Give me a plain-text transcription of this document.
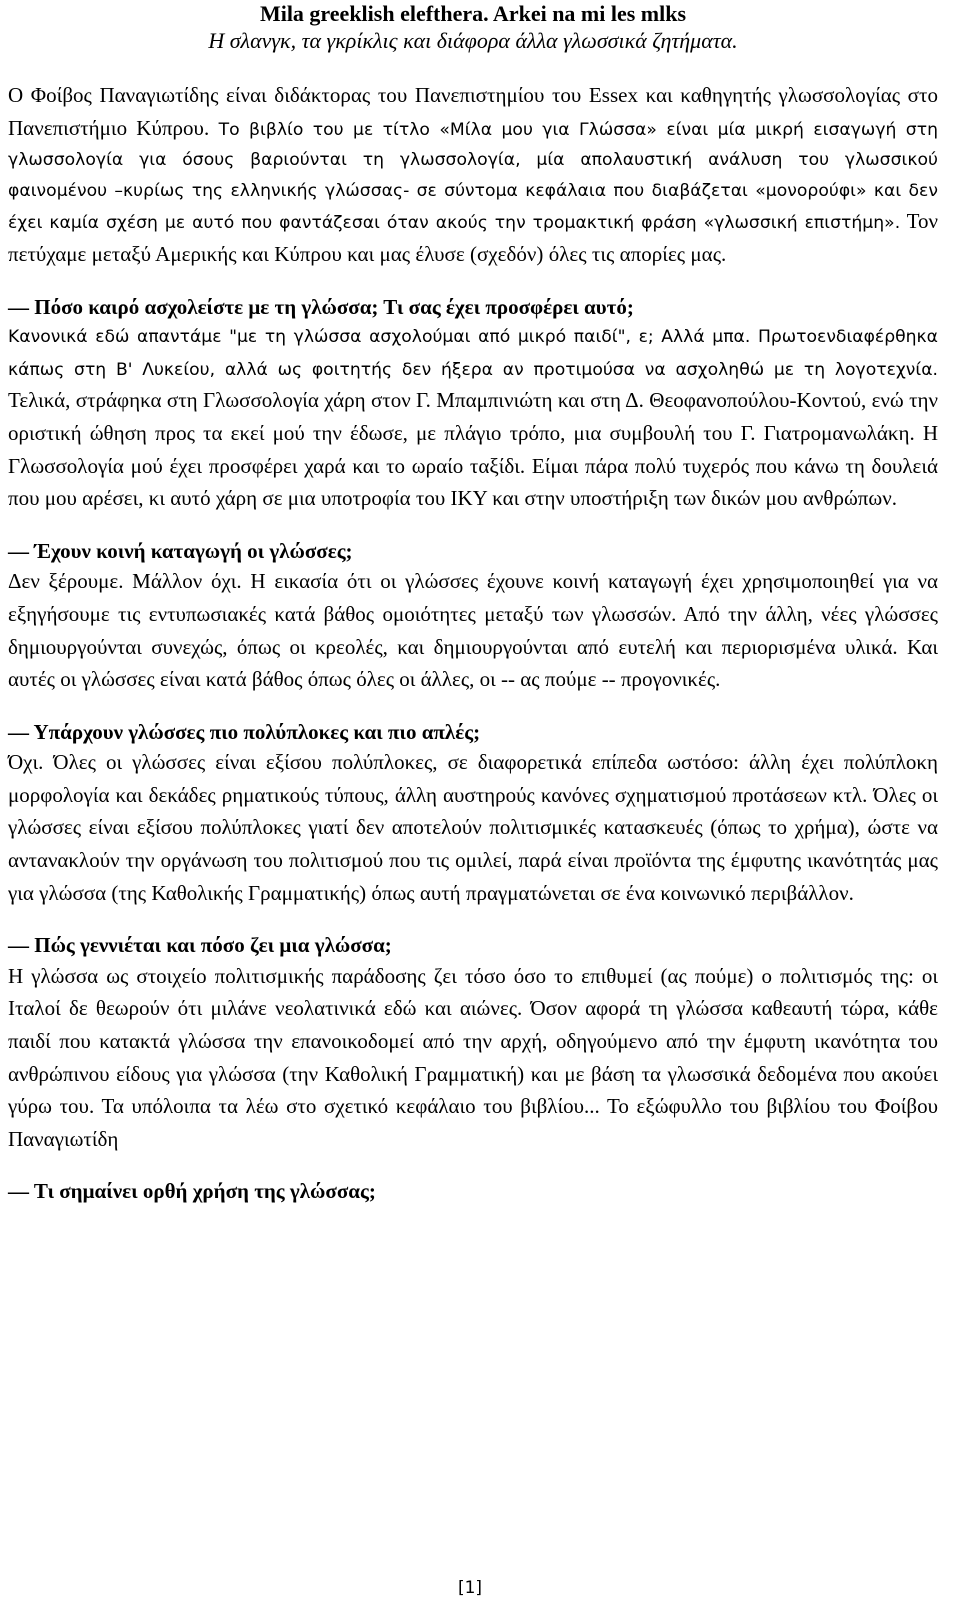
Mila greeklish elefthera. Arkei na mi les mlks
Η σλανγκ, τα γκρίκλις και διάφορα άλλα γλωσσικά ζητήματα.
Ο Φοίβος Παναγιωτίδης είναι διδάκτορας του Πανεπιστημίου του Essex και καθηγητής γλωσσολογίας στο Πανεπιστήμιο Κύπρου. Το βιβλίο του με τίτλο «Μίλα μου για Γλώσσα» είναι μία μικρή εισαγωγή στη γλωσσολογία για όσους βαριούνται τη γλωσσολογία, μία απολαυστική ανάλυση του γλωσσικού φαινομένου –κυρίως της ελληνικής γλώσσας- σε σύντομα κεφάλαια που διαβάζεται «μονορούφι» και δεν έχει καμία σχέση με αυτό που φαντάζεσαι όταν ακούς την τρομακτική φράση «γλωσσική επιστήμη». Τον πετύχαμε μεταξύ Αμερικής και Κύπρου και μας έλυσε (σχεδόν) όλες τις απορίες μας.
— Πόσο καιρό ασχολείστε με τη γλώσσα; Τι σας έχει προσφέρει αυτό;
Κανονικά εδώ απαντάμε "με τη γλώσσα ασχολούμαι από μικρό παιδί", ε; Αλλά μπα. Πρωτοενδιαφέρθηκα κάπως στη Β' Λυκείου, αλλά ως φοιτητής δεν ήξερα αν προτιμούσα να ασχοληθώ με τη λογοτεχνία. Τελικά, στράφηκα στη Γλωσσολογία χάρη στον Γ. Μπαμπινιώτη και στη Δ. Θεοφανοπούλου-Κοντού, ενώ την οριστική ώθηση προς τα εκεί μού την έδωσε, με πλάγιο τρόπο, μια συμβουλή του Γ. Γιατρομανωλάκη. Η Γλωσσολογία μού έχει προσφέρει χαρά και το ωραίο ταξίδι. Είμαι πάρα πολύ τυχερός που κάνω τη δουλειά που μου αρέσει, κι αυτό χάρη σε μια υποτροφία του ΙΚΥ και στην υποστήριξη των δικών μου ανθρώπων.
— Έχουν κοινή καταγωγή οι γλώσσες;
Δεν ξέρουμε. Μάλλον όχι. Η εικασία ότι οι γλώσσες έχουνε κοινή καταγωγή έχει χρησιμοποιηθεί για να εξηγήσουμε τις εντυπωσιακές κατά βάθος ομοιότητες μεταξύ των γλωσσών. Από την άλλη, νέες γλώσσες δημιουργούνται συνεχώς, όπως οι κρεολές, και δημιουργούνται από ευτελή και περιορισμένα υλικά. Και αυτές οι γλώσσες είναι κατά βάθος όπως όλες οι άλλες, οι -- ας πούμε -- προγονικές.
— Υπάρχουν γλώσσες πιο πολύπλοκες και πιο απλές;
Όχι. Όλες οι γλώσσες είναι εξίσου πολύπλοκες, σε διαφορετικά επίπεδα ωστόσο: άλλη έχει πολύπλοκη μορφολογία και δεκάδες ρηματικούς τύπους, άλλη αυστηρούς κανόνες σχηματισμού προτάσεων κτλ. Όλες οι γλώσσες είναι εξίσου πολύπλοκες γιατί δεν αποτελούν πολιτισμικές κατασκευές (όπως το χρήμα), ώστε να αντανακλούν την οργάνωση του πολιτισμού που τις ομιλεί, παρά είναι προϊόντα της έμφυτης ικανότητάς μας για γλώσσα (της Καθολικής Γραμματικής) όπως αυτή πραγματώνεται σε ένα κοινωνικό περιβάλλον.
— Πώς γεννιέται και πόσο ζει μια γλώσσα;
Η γλώσσα ως στοιχείο πολιτισμικής παράδοσης ζει τόσο όσο το επιθυμεί (ας πούμε) ο πολιτισμός της: οι Ιταλοί δε θεωρούν ότι μιλάνε νεολατινικά εδώ και αιώνες. Όσον αφορά τη γλώσσα καθεαυτή τώρα, κάθε παιδί που κατακτά γλώσσα την επανοικοδομεί από την αρχή, οδηγούμενο από την έμφυτη ικανότητα του ανθρώπινου είδους για γλώσσα (την Καθολική Γραμματική) και με βάση τα γλωσσικά δεδομένα που ακούει γύρω του. Τα υπόλοιπα τα λέω στο σχετικό κεφάλαιο του βιβλίου... Το εξώφυλλο του βιβλίου του Φοίβου Παναγιωτίδη
— Τι σημαίνει ορθή χρήση της γλώσσας;
[1]
